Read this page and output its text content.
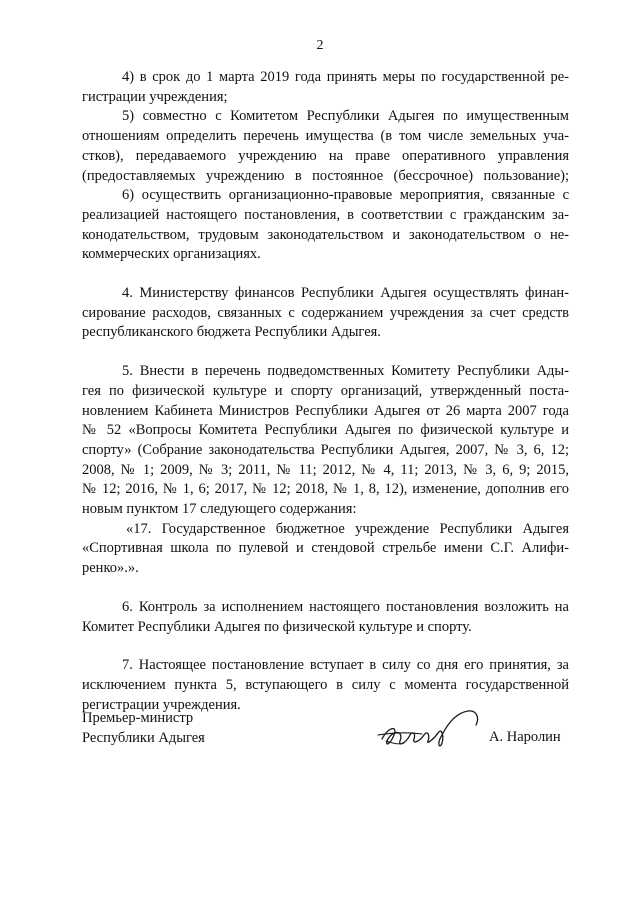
2
4) в срок до 1 марта 2019 года принять меры по государственной ре-
гистрации учреждения;
5) совместно с Комитетом Республики Адыгея по имущественным
отношениям определить перечень имущества (в том числе земельных уча-
стков), передаваемого учреждению на праве оперативного управления
(предоставляемых учреждению в постоянное (бессрочное) пользование);
6) осуществить организационно-правовые мероприятия, связанные с
реализацией настоящего постановления, в соответствии с гражданским за-
конодательством, трудовым законодательством и законодательством о не-
коммерческих организациях.
4. Министерству финансов Республики Адыгея осуществлять финан-
сирование расходов, связанных с содержанием учреждения за счет средств
республиканского бюджета Республики Адыгея.
5. Внести в перечень подведомственных Комитету Республики Ады-
гея по физической культуре и спорту организаций, утвержденный поста-
новлением Кабинета Министров Республики Адыгея от 26 марта 2007 года
№ 52 «Вопросы Комитета Республики Адыгея по физической культуре и
спорту» (Собрание законодательства Республики Адыгея, 2007, № 3, 6, 12;
2008, № 1; 2009, № 3; 2011, № 11; 2012, № 4, 11; 2013, № 3, 6, 9; 2015,
№ 12; 2016, № 1, 6; 2017, № 12; 2018, № 1, 8, 12), изменение, дополнив его
новым пунктом 17 следующего содержания:
«17. Государственное бюджетное учреждение Республики Адыгея
«Спортивная школа по пулевой и стендовой стрельбе имени С.Г. Алифи-
ренко».».
6. Контроль за исполнением настоящего постановления возложить на
Комитет Республики Адыгея по физической культуре и спорту.
7. Настоящее постановление вступает в силу со дня его принятия, за
исключением пункта 5, вступающего в силу с момента государственной
регистрации учреждения.
Премьер-министр
Республики Адыгея	А. Наролин
